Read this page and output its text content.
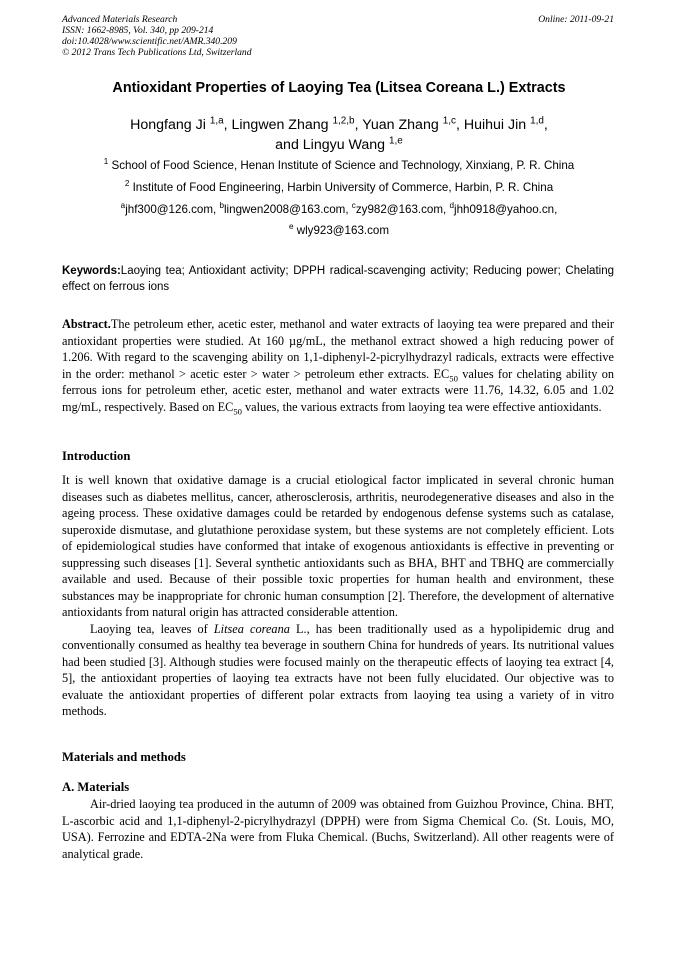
Advanced Materials Research
ISSN: 1662-8985, Vol. 340, pp 209-214
doi:10.4028/www.scientific.net/AMR.340.209
© 2012 Trans Tech Publications Ltd, Switzerland
Online: 2011-09-21
Antioxidant Properties of Laoying Tea (Litsea Coreana L.) Extracts
Hongfang Ji $^{1,a}$, Lingwen Zhang $^{1,2,b}$, Yuan Zhang $^{1,c}$, Huihui Jin $^{1,d}$,
and Lingyu Wang $^{1,e}$
$^1$ School of Food Science, Henan Institute of Science and Technology, Xinxiang, P. R. China
$^2$ Institute of Food Engineering, Harbin University of Commerce, Harbin, P. R. China
$^a$jhf300@126.com, $^b$lingwen2008@163.com, $^c$zy982@163.com, $^d$jhh0918@yahoo.cn,
$^e$ wly923@163.com
Keywords:Laoying tea; Antioxidant activity; DPPH radical-scavenging activity; Reducing power; Chelating effect on ferrous ions

Abstract.The petroleum ether, acetic ester, methanol and water extracts of laoying tea were prepared and their antioxidant properties were studied. At 160 µg/mL, the methanol extract showed a high reducing power of 1.206. With regard to the scavenging ability on 1,1-diphenyl-2-picrylhydrazyl radicals, extracts were effective in the order: methanol > acetic ester > water > petroleum ether extracts. $EC_{50}$ values for chelating ability on ferrous ions for petroleum ether, acetic ester, methanol and water extracts were 11.76, 14.32, 6.05 and 1.02 mg/mL, respectively. Based on $EC_{50}$ values, the various extracts from laoying tea were effective antioxidants.

Introduction

It is well known that oxidative damage is a crucial etiological factor implicated in several chronic human diseases such as diabetes mellitus, cancer, atherosclerosis, arthritis, neurodegenerative diseases and also in the ageing process. These oxidative damages could be retarded by endogenous defense systems such as catalase, superoxide dismutase, and glutathione peroxidase system, but these systems are not completely efficient. Lots of epidemiological studies have conformed that intake of exogenous antioxidants is effective in preventing or suppressing such diseases [1]. Several synthetic antioxidants such as BHA, BHT and TBHQ are commercially available and used. Because of their possible toxic properties for human health and environment, these substances may be inappropriate for chronic human consumption [2]. Therefore, the development of alternative antioxidants from natural origin has attracted considerable attention.

Laoying tea, leaves of Litsea coreana L., has been traditionally used as a hypolipidemic drug and conventionally consumed as healthy tea beverage in southern China for hundreds of years. Its nutritional values had been studied [3]. Although studies were focused mainly on the therapeutic effects of laoying tea extract [4, 5], the antioxidant properties of laoying tea extracts have not been fully elucidated. Our objective was to evaluate the antioxidant properties of different polar extracts from laoying tea using a variety of in vitro methods.

Materials and methods
A. Materials
Air-dried laoying tea produced in the autumn of 2009 was obtained from Guizhou Province, China. BHT, L-ascorbic acid and 1,1-diphenyl-2-picrylhydrazyl (DPPH) were from Sigma Chemical Co. (St. Louis, MO, USA). Ferrozine and EDTA-2Na were from Fluka Chemical. (Buchs, Switzerland). All other reagents were of analytical grade.
